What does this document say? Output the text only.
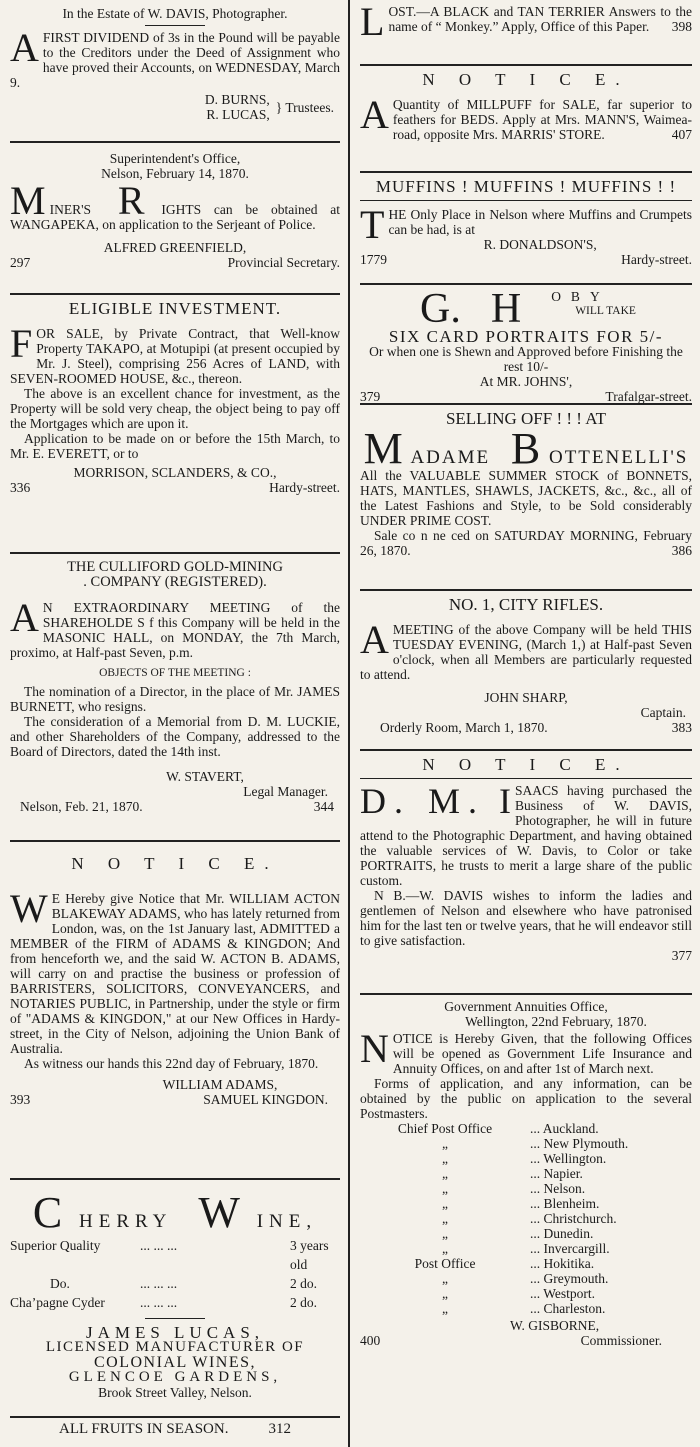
In the Estate of W. DAVIS, Photographer.

A FIRST DIVIDEND of 3s in the Pound will be payable to the Creditors under the Deed of Assignment who have proved their Accounts, on WEDNESDAY, March 9.

D. BURNS,

R. LUCAS, } Trustees.

Superintendent's Office,

Nelson, February 14, 1870.

M INER'S R IGHTS can be obtained at WANGAPEKA, on application to the Serjeant of Police.

ALFRED GREENFIELD,

297	Provincial Secretary.

ELIGIBLE INVESTMENT.

F OR SALE, by Private Contract, that Well-know Property TAKAPO, at Motupipi (at present occupied by Mr. J. Steel), comprising 256 Acres of LAND, with SEVEN-ROOMED HOUSE, &c., thereon.

The above is an excellent chance for investment, as the Property will be sold very cheap, the object being to pay off the Mortgages which are upon it.

Application to be made on or before the 15th March, to Mr. E. EVERETT, or to

MORRISON, SCLANDERS, & CO.,

336	Hardy-street.

THE CULLIFORD GOLD-MINING

. COMPANY (REGISTERED).

A N EXTRAORDINARY MEETING of the SHAREHOLDE S f this Company will be held in the MASONIC HALL, on MONDAY, the 7th March, proximo, at Half-past Seven, p.m.

OBJECTS OF THE MEETING :

The nomination of a Director, in the place of Mr. JAMES BURNETT, who resigns.

The consideration of a Memorial from D. M. LUCKIE, and other Shareholders of the Company, addressed to the Board of Directors, dated the 14th inst.

W. STAVERT,

Legal Manager.

Nelson, Feb. 21, 1870.	344

N O T I C E.

W E Hereby give Notice that Mr. WILLIAM ACTON BLAKEWAY ADAMS, who has lately returned from London, was, on the 1st January last, ADMITTED a MEMBER of the FIRM of ADAMS & KINGDON; And from henceforth we, and the said W. ACTON B. ADAMS, will carry on and practise the business or profession of BARRISTERS, SOLICITORS, CONVEYANCERS, and NOTARIES PUBLIC, in Partnership, under the style or firm of "ADAMS & KINGDON," at our New Offices in Hardy-street, in the City of Nelson, adjoining the Union Bank of Australia.

As witness our hands this 22nd day of February, 1870.

WILLIAM ADAMS,

393	SAMUEL KINGDON.
C HERRY W INE,
Superior Quality	... ... ...	3 years old
Do.	... ... ...	2 do.
Cha’pagne Cyder	... ... ...	2 do.

JAMES LUCAS,

LICENSED MANUFACTURER OF

COLONIAL WINES,

GLENCOE GARDENS,

Brook Street Valley, Nelson.

ALL FRUITS IN SEASON.	312
L OST.—A BLACK and TAN TERRIER Answers to the name of “ Monkey.” Apply, Office of this Paper. 398

N O T I C E.

A Quantity of MILLPUFF for SALE, far superior to feathers for BEDS. Apply at Mrs. MANN'S, Waimea-road, opposite Mrs. MARRIS' STORE.	407

MUFFINS ! MUFFINS ! MUFFINS ! !

T HE Only Place in Nelson where Muffins and Crumpets can be had, is at

R. DONALDSON'S,

1779	Hardy-street.
G. H OBY

WILL TAKE

SIX CARD PORTRAITS FOR 5/-

Or when one is Shewn and Approved before Finishing the rest 10/-

At MR. JOHNS',

379	Trafalgar-street.

SELLING OFF ! ! ! AT

M ADAME B OTTENELLI'S

All the VALUABLE SUMMER STOCK of BONNETS, HATS, MANTLES, SHAWLS, JACKETS, &c., &c., all of the Latest Fashions and Style, to be Sold considerably UNDER PRIME COST.

Sale co n ne ced on SATURDAY MORNING, February 26, 1870.	386

NO. 1, CITY RIFLES.

A MEETING of the above Company will be held THIS TUESDAY EVENING, (March 1,) at Half-past Seven o'clock, when all Members are particularly requested to attend.

JOHN SHARP,

Captain.

Orderly Room, March 1, 1870.	383

N O T I C E.

D. M. I SAACS having purchased the Business of W. DAVIS, Photographer, he will in future attend to the Photographic Department, and having obtained the valuable services of W. Davis, to Color or take PORTRAITS, he trusts to merit a large share of the public custom.

N B.—W. DAVIS wishes to inform the ladies and gentlemen of Nelson and elsewhere who have patronised him for the last ten or twelve years, that he will endeavor still to give satisfaction.

377

Government Annuities Office,

Wellington, 22nd February, 1870.

N OTICE is Hereby Given, that the following Offices will be opened as Government Life Insurance and Annuity Offices, on and after 1st of March next.

Forms of application, and any information, can be obtained by the public on application to the several Postmasters.

Chief Post Office	... Auckland.
„	... New Plymouth.
„	... Wellington.
„	... Napier.
„	... Nelson.
„	... Blenheim.
„	... Christchurch.
„	... Dunedin.
„	... Invercargill.
Post Office	... Hokitika.
„	... Greymouth.
„	... Westport.
„	... Charleston.

W. GISBORNE,

400	Commissioner.
